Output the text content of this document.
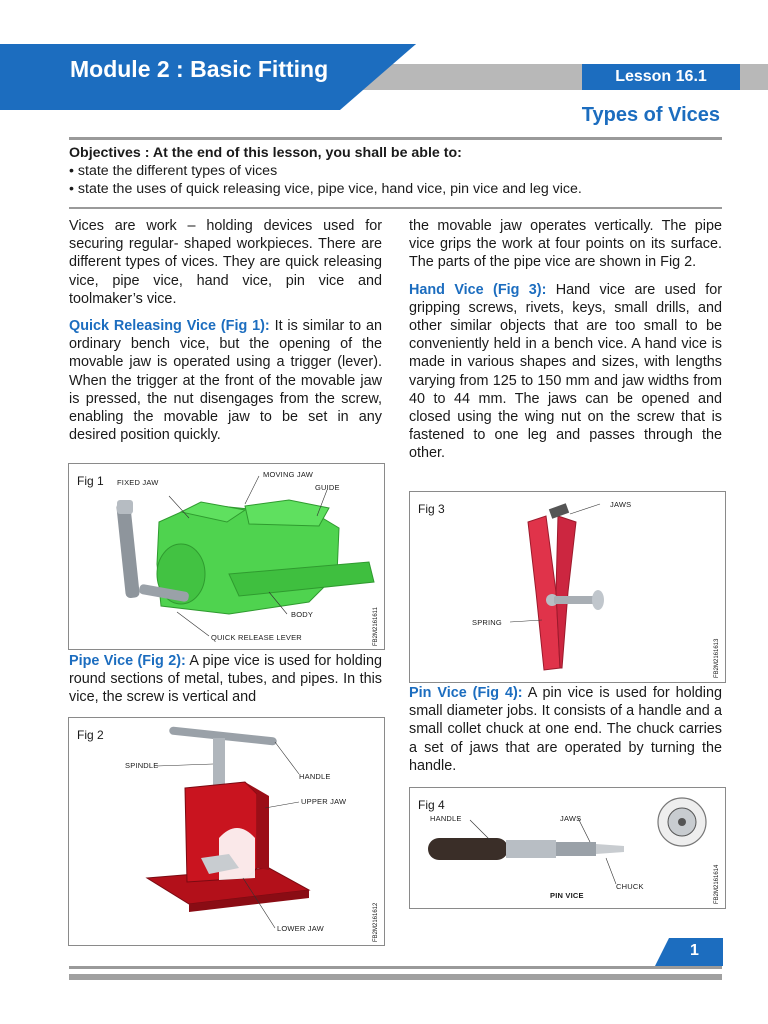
Module 2 : Basic Fitting	Lesson 16.1
Types of Vices
Objectives : At the end of this lesson, you shall be able to:
• state the different types of vices
• state the uses of quick releasing vice, pipe vice, hand vice, pin vice and leg vice.

Vices are work – holding devices used for securing regular- shaped workpieces. There are different types of vices. They are quick releasing vice, pipe vice, hand vice, pin vice and toolmaker’s vice.

Quick Releasing Vice (Fig 1): It is similar to an ordinary bench vice, but the opening of the movable jaw is operated using a trigger (lever). When the trigger at the front of the movable jaw is pressed, the nut disengages from the screw, enabling the movable jaw to be set in any desired position quickly.

Fig 1 FIXED JAW
MOVING JAW
GUIDE
BODY
QUICK RELEASE LEVER	FB2M2161611

Pipe Vice (Fig 2): A pipe vice is used for holding round sections of metal, tubes, and pipes. In this vice, the screw is vertical and

Fig 2
SPINDLE
HANDLE
UPPER JAW
LOWER JAW	FB2M2161612

the movable jaw operates vertically. The pipe vice grips the work at four points on its surface. The parts of the pipe vice are shown in Fig 2.

Hand Vice (Fig 3): Hand vice are used for gripping screws, rivets, keys, small drills, and other similar objects that are too small to be conveniently held in a bench vice. A hand vice is made in various shapes and sizes, with lengths varying from 125 to 150 mm and jaw widths from 40 to 44 mm. The jaws can be opened and closed using the wing nut on the screw that is fastened to one leg and passes through the other.

Fig 3	JAWS
SPRING
FB2M2161613

Pin Vice (Fig 4): A pin vice is used for holding small diameter jobs. It consists of a handle and a small collet chuck at one end. The chuck carries a set of jaws that are operated by turning the handle.

Fig 4
HANDLE	JAWS
CHUCK
PIN VICE	FB2M2161614
1
